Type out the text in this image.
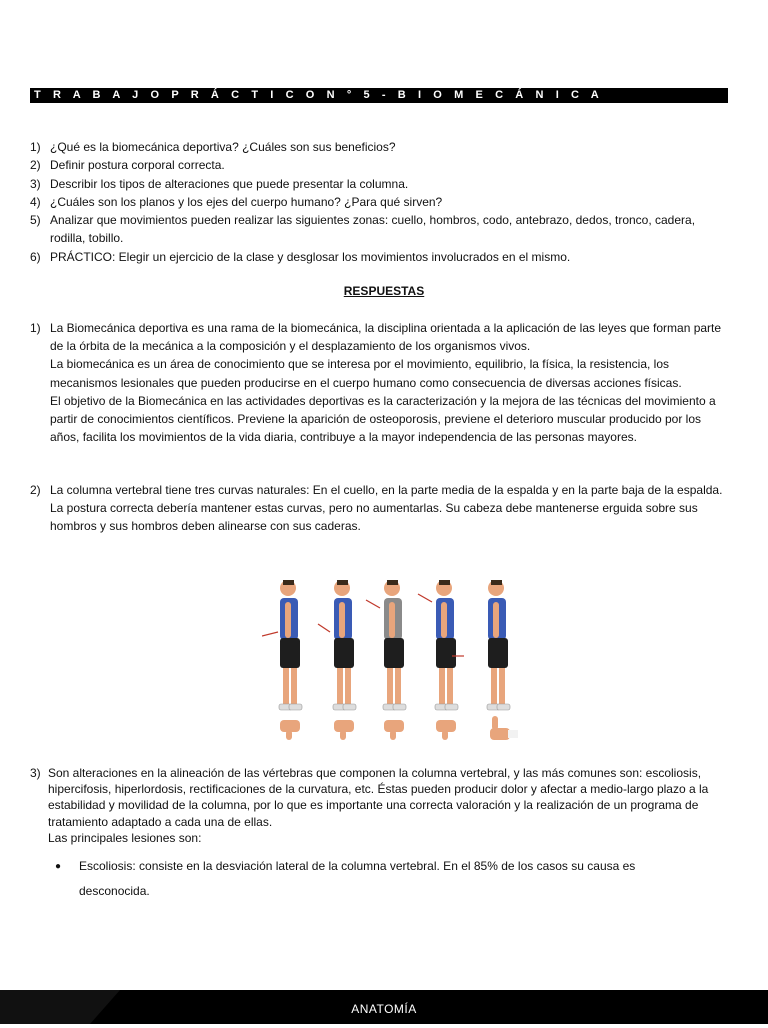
T R A B A J O P R Á C T I C O N ° 5 - B I O M E C Á N I C A
1) ¿Qué es la biomecánica deportiva? ¿Cuáles son sus beneficios?
2) Definir postura corporal correcta.
3) Describir los tipos de alteraciones que puede presentar la columna.
4) ¿Cuáles son los planos y los ejes del cuerpo humano? ¿Para qué sirven?
5) Analizar que movimientos pueden realizar las siguientes zonas: cuello, hombros, codo, antebrazo, dedos, tronco, cadera, rodilla, tobillo.
6) PRÁCTICO: Elegir un ejercicio de la clase y desglosar los movimientos involucrados en el mismo.
RESPUESTAS
1) La Biomecánica deportiva es una rama de la biomecánica, la disciplina orientada a la aplicación de las leyes que forman parte de la órbita de la mecánica a la composición y el desplazamiento de los organismos vivos.

La biomecánica es un área de conocimiento que se interesa por el movimiento, equilibrio, la física, la resistencia, los mecanismos lesionales que pueden producirse en el cuerpo humano como consecuencia de diversas acciones físicas.

El objetivo de la Biomecánica en las actividades deportivas es la caracterización y la mejora de las técnicas del movimiento a partir de conocimientos científicos. Previene la aparición de osteoporosis, previene el deterioro muscular producido por los años, facilita los movimientos de la vida diaria, contribuye a la mayor independencia de las personas mayores.

2) La columna vertebral tiene tres curvas naturales: En el cuello, en la parte media de la espalda y en la parte baja de la espalda. La postura correcta debería mantener estas curvas, pero no aumentarlas. Su cabeza debe mantenerse erguida sobre sus hombros y sus hombros deben alinearse con sus caderas.

3) Son alteraciones en la alineación de las vértebras que componen la columna vertebral, y las más comunes son: escoliosis, hipercifosis, hiperlordosis, rectificaciones de la curvatura, etc. Éstas pueden producir dolor y afectar a medio-largo plazo a la estabilidad y movilidad de la columna, por lo que es importante una correcta valoración y la realización de un programa de tratamiento adaptado a cada una de ellas.

Las principales lesiones son:

●	Escoliosis: consiste en la desviación lateral de la columna vertebral. En el 85% de los casos su causa es desconocida.
ANATOMÍA
